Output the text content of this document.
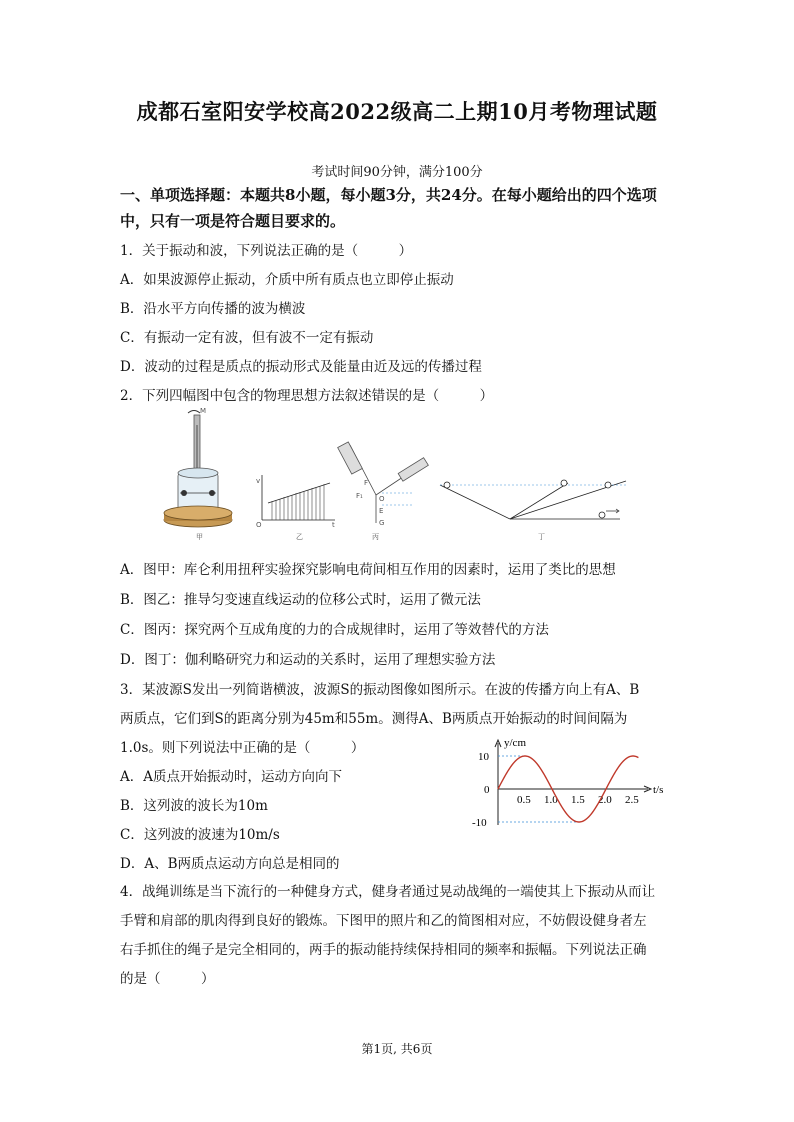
成都石室阳安学校高2022级高二上期10月考物理试题
考试时间90分钟，满分100分
一、单项选择题：本题共8小题，每小题3分，共24分。在每小题给出的四个选项中，只有一项是符合题目要求的。
1．关于振动和波，下列说法正确的是（　　　）
A．如果波源停止振动，介质中所有质点也立即停止振动
B．沿水平方向传播的波为横波
C．有振动一定有波，但有波不一定有振动
D．波动的过程是质点的振动形式及能量由近及远的传播过程
2．下列四幅图中包含的物理思想方法叙述错误的是（　　　）
M
甲
v
O	t
乙
F
F₁ O
E
G
丙	丁
A．图甲：库仑利用扭秤实验探究影响电荷间相互作用的因素时，运用了类比的思想
B．图乙：推导匀变速直线运动的位移公式时，运用了微元法
C．图丙：探究两个互成角度的力的合成规律时，运用了等效替代的方法
D．图丁：伽利略研究力和运动的关系时，运用了理想实验方法
3．某波源S发出一列简谐横波，波源S的振动图像如图所示。在波的传播方向上有A、B
两质点，它们到S的距离分别为45m和55m。测得A、B两质点开始振动的时间间隔为
1.0s。则下列说法中正确的是（　　　）
A．A质点开始振动时，运动方向向下
B．这列波的波长为10m
C．这列波的波速为10m/s
D．A、B两质点运动方向总是相同的
y/cm
t/s
0.5 1.0 1.5 2.0 2.5
10
0
-10
4．战绳训练是当下流行的一种健身方式，健身者通过晃动战绳的一端使其上下振动从而让
手臂和肩部的肌肉得到良好的锻炼。下图甲的照片和乙的简图相对应，不妨假设健身者左
右手抓住的绳子是完全相同的，两手的振动能持续保持相同的频率和振幅。下列说法正确
的是（　　　）
第1页, 共6页
